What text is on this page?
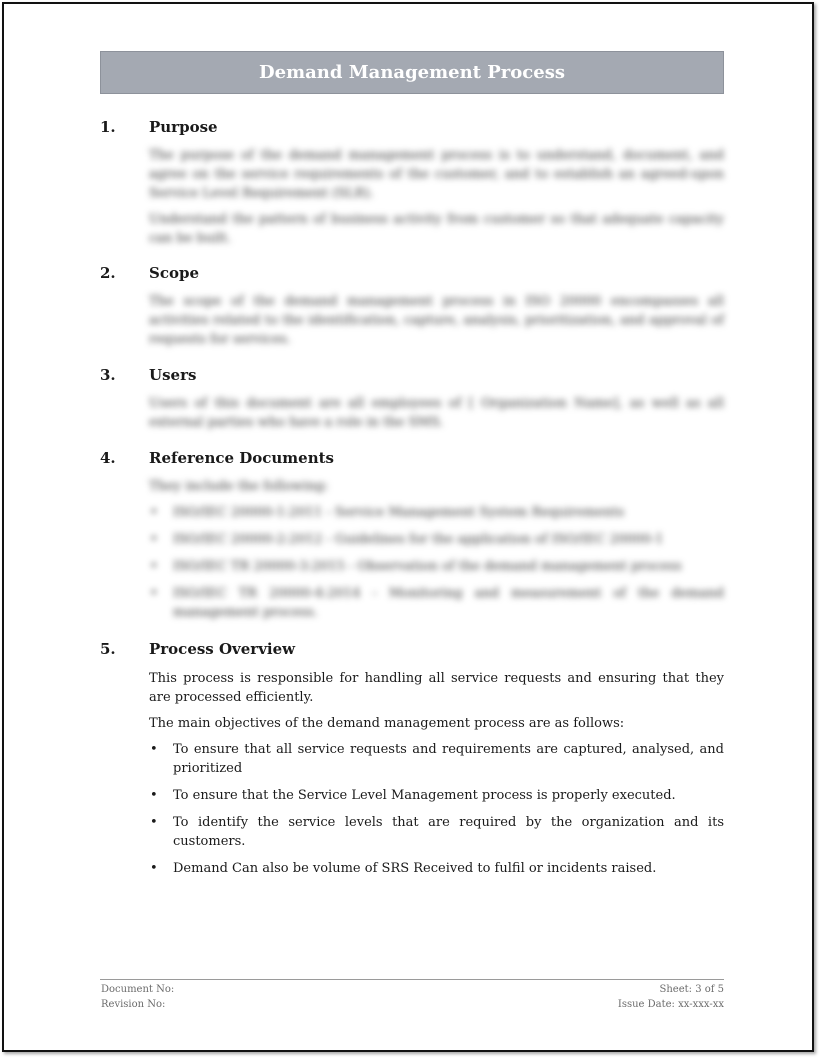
Demand Management Process
1. Purpose

The purpose of the demand management process is to understand, document, and agree on the service requirements of the customer, and to establish an agreed-upon Service Level Requirement (SLR).

Understand the pattern of business activity from customer so that adequate capacity can be built.

2. Scope

The scope of the demand management process in ISO 20000 encompasses all activities related to the identification, capture, analysis, prioritization, and approval of requests for services.

3. Users

Users of this document are all employees of [ Organization Name], as well as all external parties who have a role in the SMS.

4. Reference Documents

They include the following:

• ISO/IEC 20000-1:2011 - Service Management System Requirements
• ISO/IEC 20000-2:2012 - Guidelines for the application of ISO/IEC 20000-1
• ISO/IEC TR 20000-3:2015 - Observation of the demand management process
• ISO/IEC TR 20000-4:2014 - Monitoring and measurement of the demand management process.
5. Process Overview

This process is responsible for handling all service requests and ensuring that they are processed efficiently.

The main objectives of the demand management process are as follows:

• To ensure that all service requests and requirements are captured, analysed, and prioritized
• To ensure that the Service Level Management process is properly executed.
• To identify the service levels that are required by the organization and its customers.
• Demand Can also be volume of SRS Received to fulfil or incidents raised.
Document No:
Revision No:
Sheet: 3 of 5
Issue Date: xx-xxx-xx
